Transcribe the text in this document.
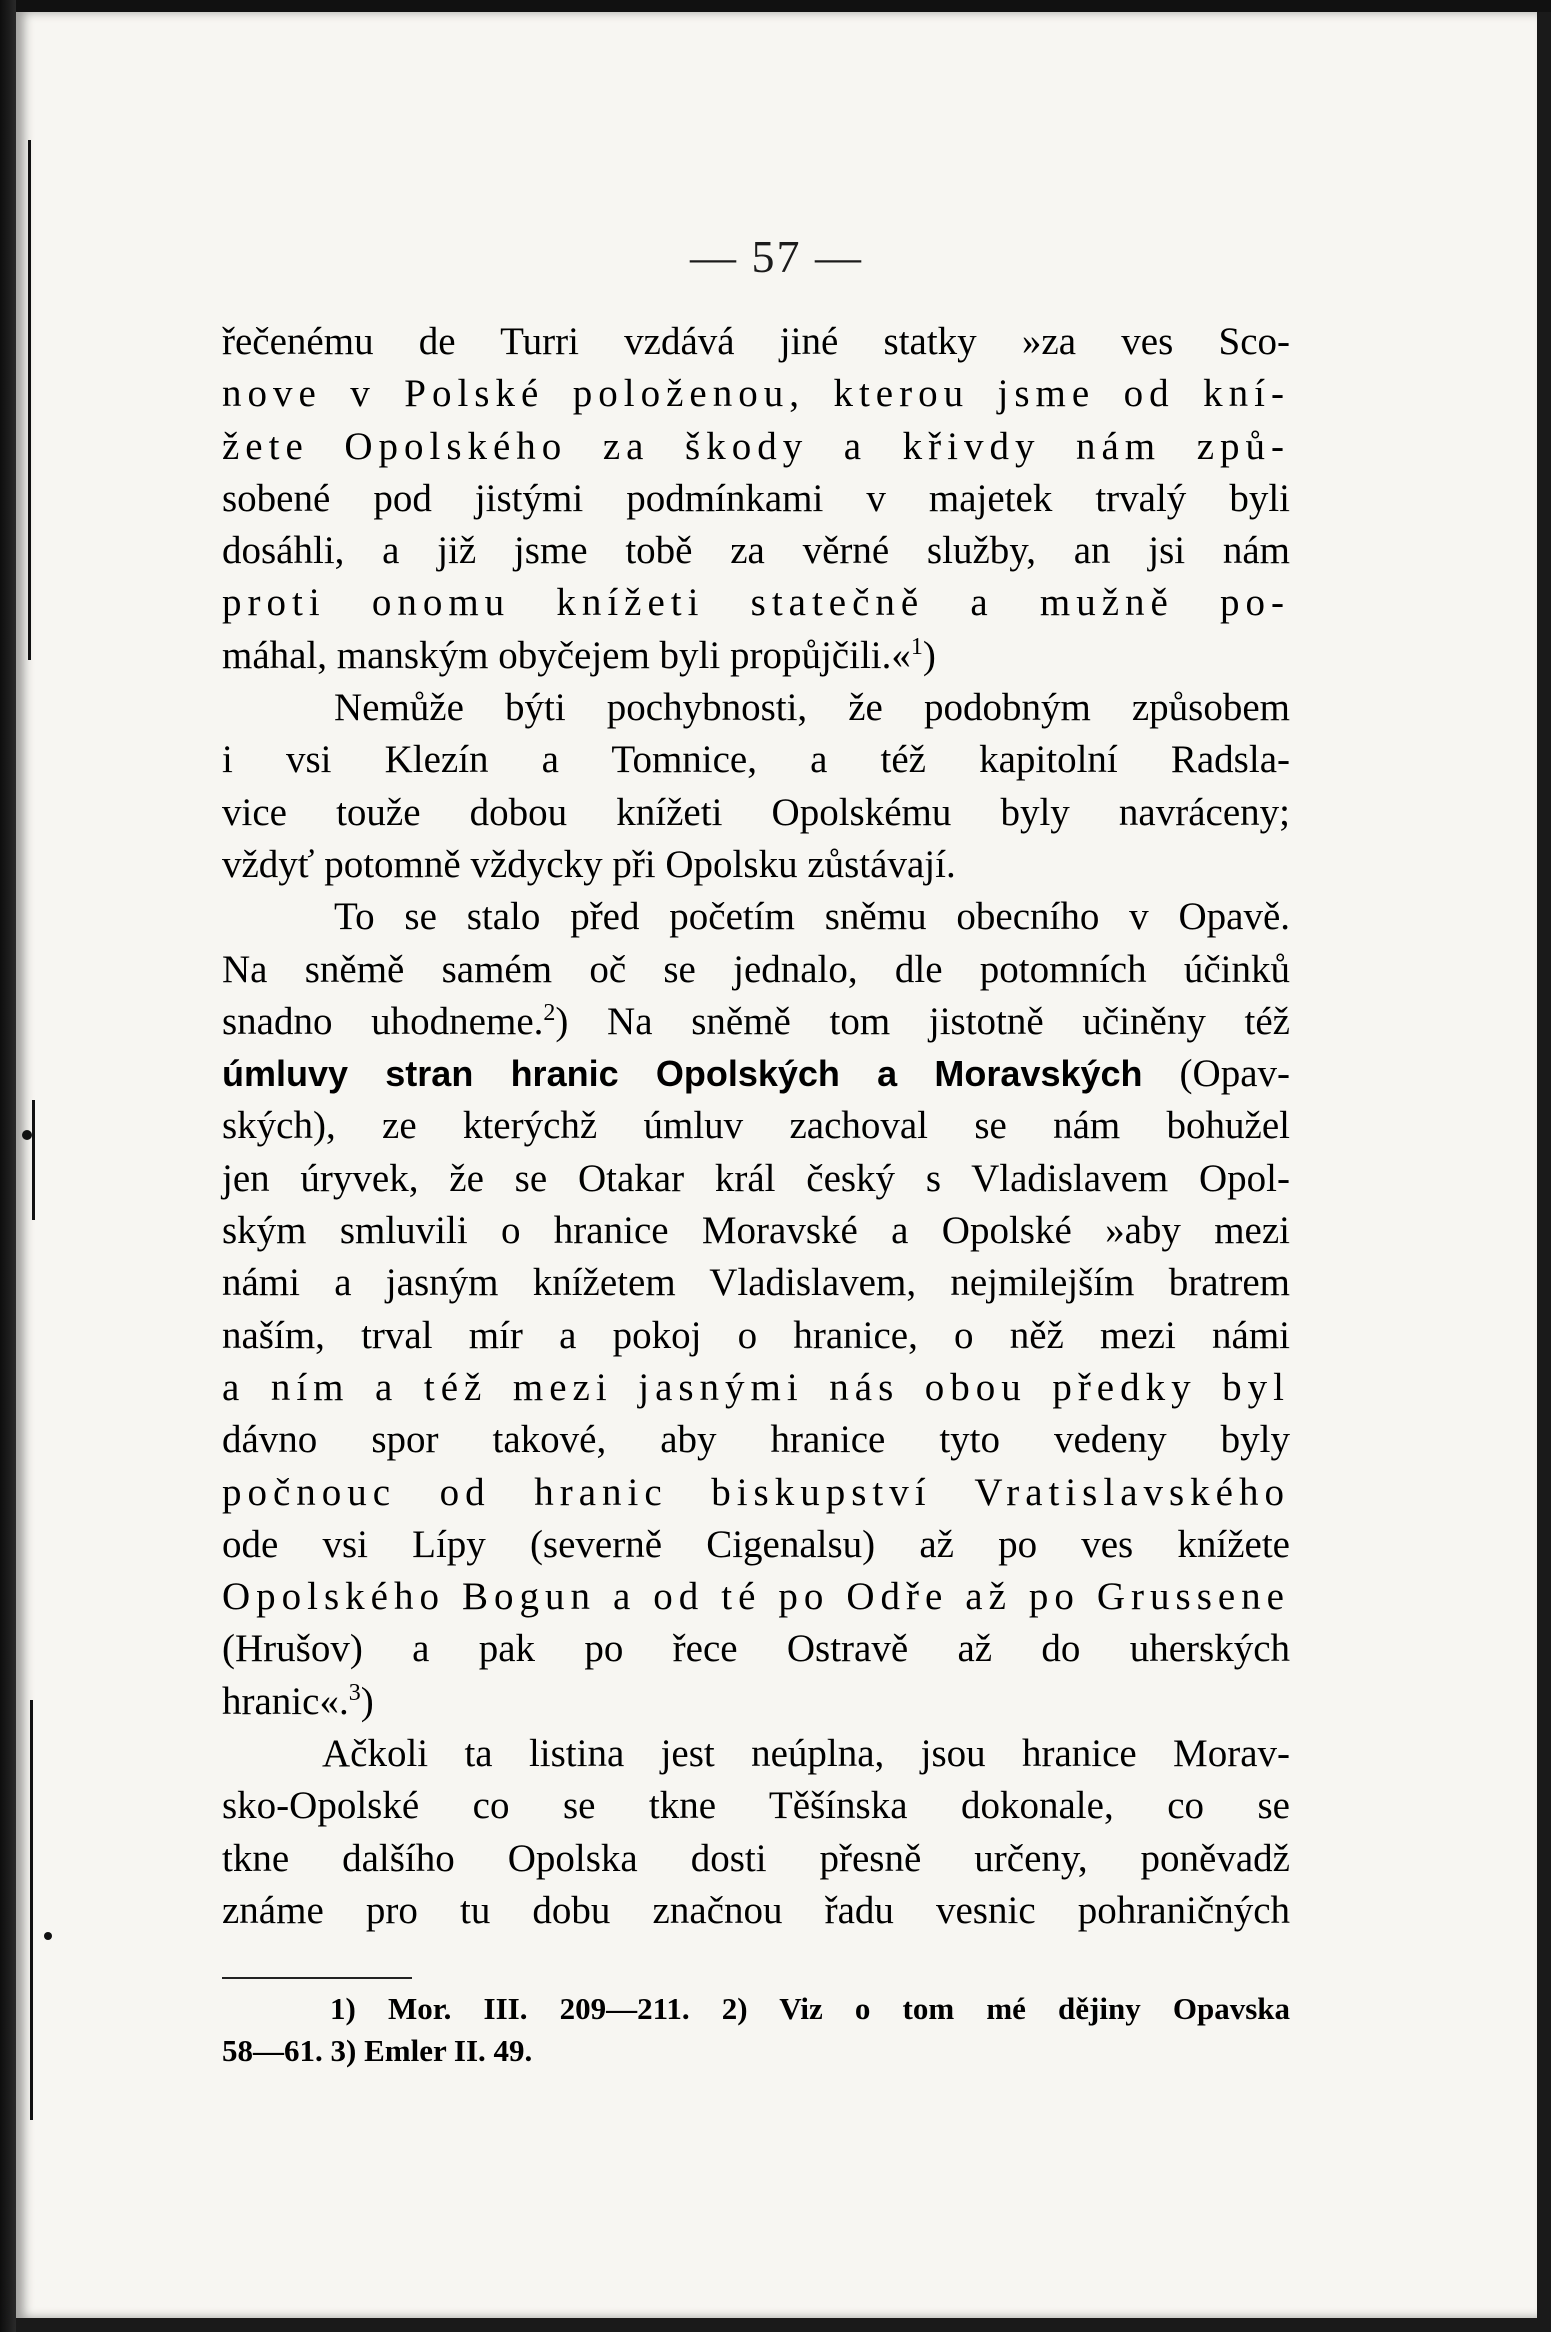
— 57 —
řečenému de Turri vzdává jiné statky »za ves Sco-
nove v Polské položenou, kterou jsme od kní-
žete Opolského za škody a křivdy nám způ-
sobené pod jistými podmínkami v majetek trvalý byli
dosáhli, a již jsme tobě za věrné služby, an jsi nám
proti onomu knížeti statečně a mužně po-
máhal, manským obyčejem byli propůjčili.«$^1$)
Nemůže býti pochybnosti, že podobným způsobem
i vsi Klezín a Tomnice, a též kapitolní Radsla-
vice touže dobou knížeti Opolskému byly navráceny;
vždyť potomně vždycky při Opolsku zůstávají.
To se stalo před početím sněmu obecního v Opavě.
Na sněmě samém oč se jednalo, dle potomních účinků
snadno uhodneme.$^2$) Na sněmě tom jistotně učiněny též
úmluvy stran hranic Opolských a Moravských (Opav-
ských), ze kterýchž úmluv zachoval se nám bohužel
jen úryvek, že se Otakar král český s Vladislavem Opol-
ským smluvili o hranice Moravské a Opolské »aby mezi
námi a jasným knížetem Vladislavem, nejmilejším bratrem
naším, trval mír a pokoj o hranice, o něž mezi námi
a ním a též mezi jasnými nás obou předky byl
dávno spor takové, aby hranice tyto vedeny byly
počnouc od hranic biskupství Vratislavského
ode vsi Lípy (severně Cigenalsu) až po ves knížete
Opolského Bogun a od té po Odře až po Grussene
(Hrušov) a pak po řece Ostravě až do uherských
hranic«.$^3$)
Ačkoli ta listina jest neúplna, jsou hranice Morav-
sko-Opolské co se tkne Těšínska dokonale, co se
tkne dalšího Opolska dosti přesně určeny, poněvadž
známe pro tu dobu značnou řadu vesnic pohraničných
1) Mor. III. 209—211. 2) Viz o tom mé dějiny Opavska
58—61. 3) Emler II. 49.
